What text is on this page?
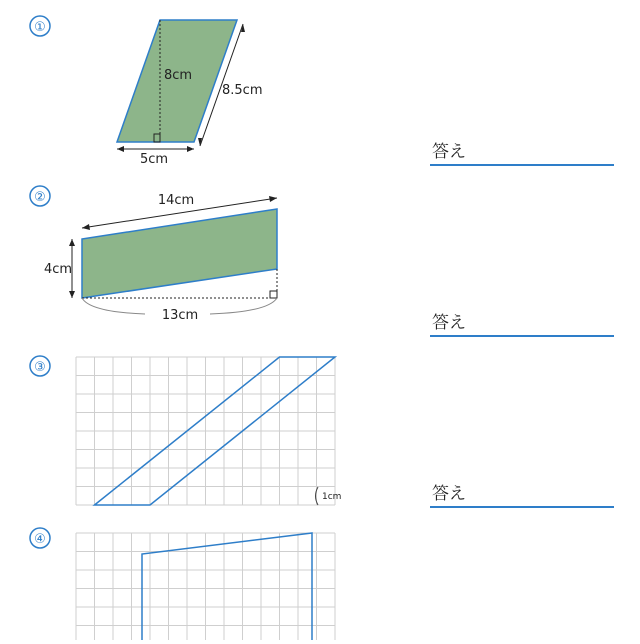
①
8cm
8.5cm
5cm
②	14cm
4cm
13cm
③
1cm
④
答え
答え
答え
